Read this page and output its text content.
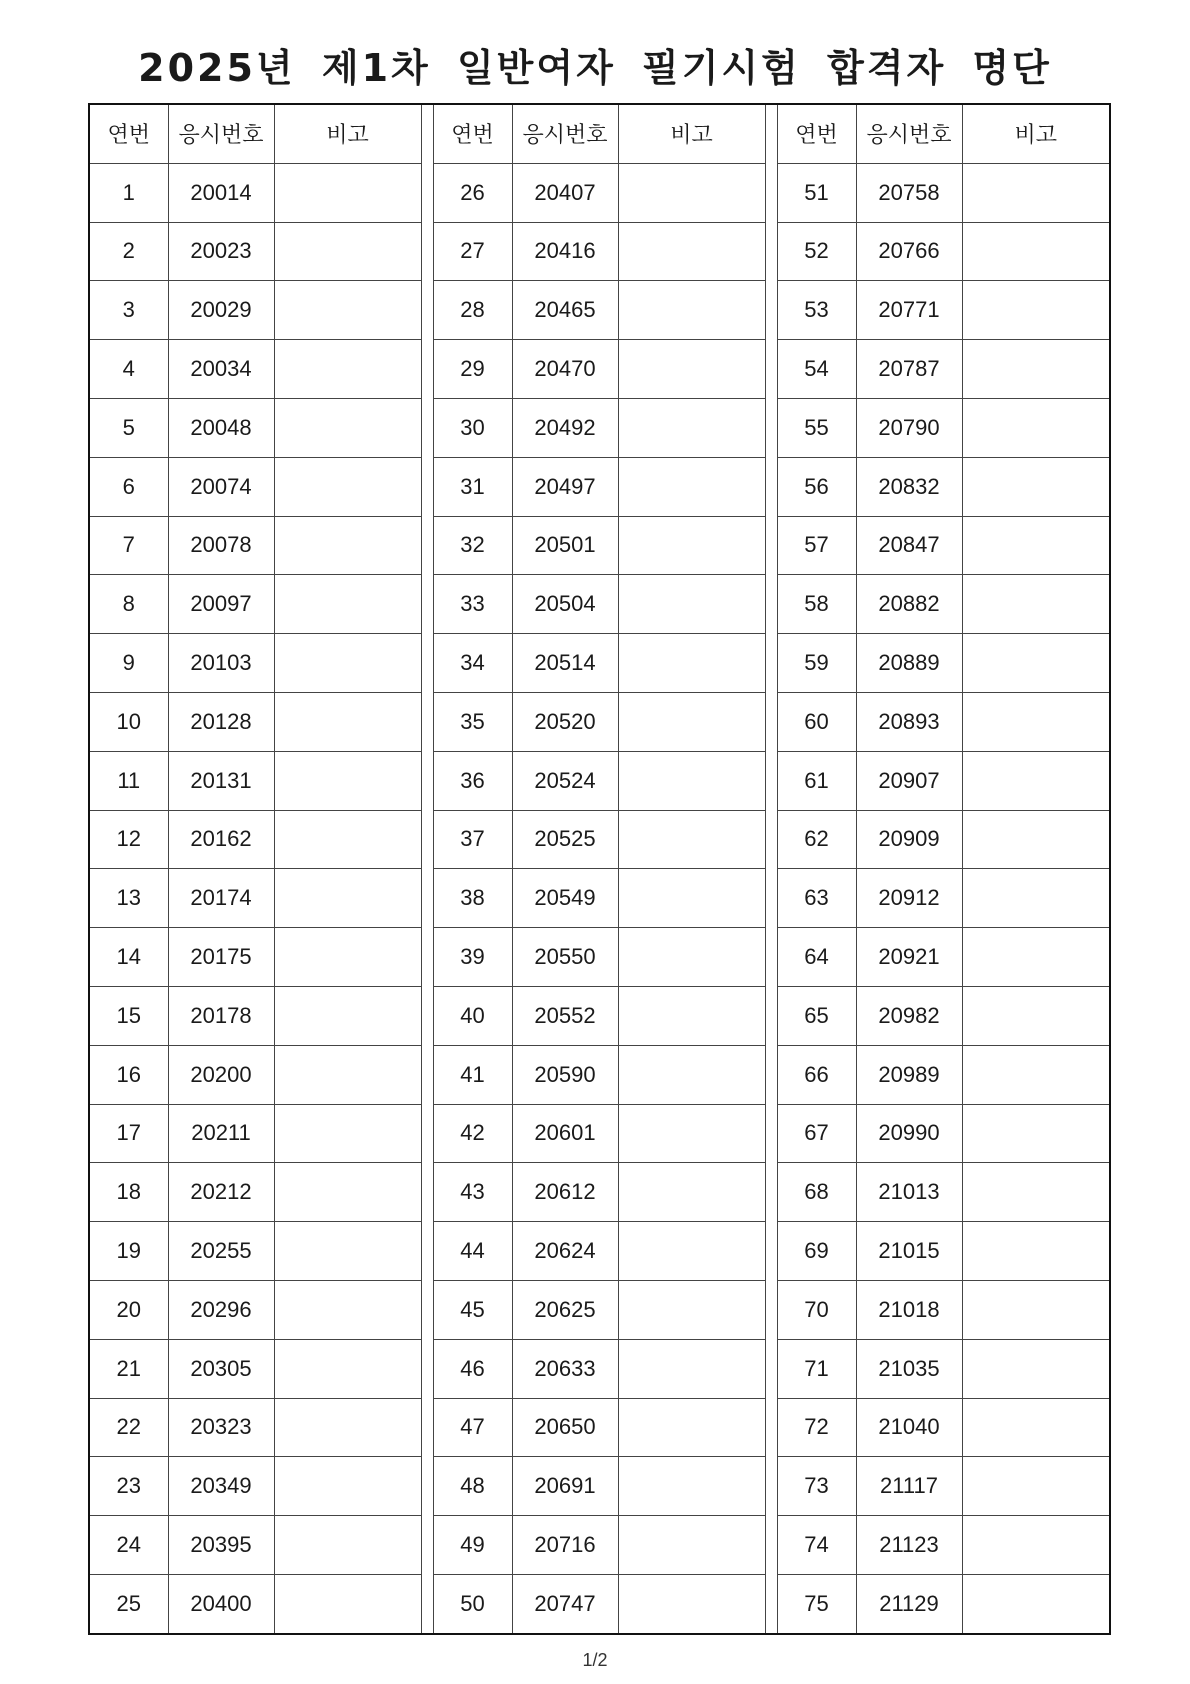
2025년 제1차 일반여자 필기시험 합격자 명단
연번	응시번호	비고		연번	응시번호	비고		연번	응시번호	비고
1	20014			26	20407			51	20758	
2	20023			27	20416			52	20766	
3	20029			28	20465			53	20771	
4	20034			29	20470			54	20787	
5	20048			30	20492			55	20790	
6	20074			31	20497			56	20832	
7	20078			32	20501			57	20847	
8	20097			33	20504			58	20882	
9	20103			34	20514			59	20889	
10	20128			35	20520			60	20893	
11	20131			36	20524			61	20907	
12	20162			37	20525			62	20909	
13	20174			38	20549			63	20912	
14	20175			39	20550			64	20921	
15	20178			40	20552			65	20982	
16	20200			41	20590			66	20989	
17	20211			42	20601			67	20990	
18	20212			43	20612			68	21013	
19	20255			44	20624			69	21015	
20	20296			45	20625			70	21018	
21	20305			46	20633			71	21035	
22	20323			47	20650			72	21040	
23	20349			48	20691			73	21117	
24	20395			49	20716			74	21123	
25	20400			50	20747			75	21129	
1/2
